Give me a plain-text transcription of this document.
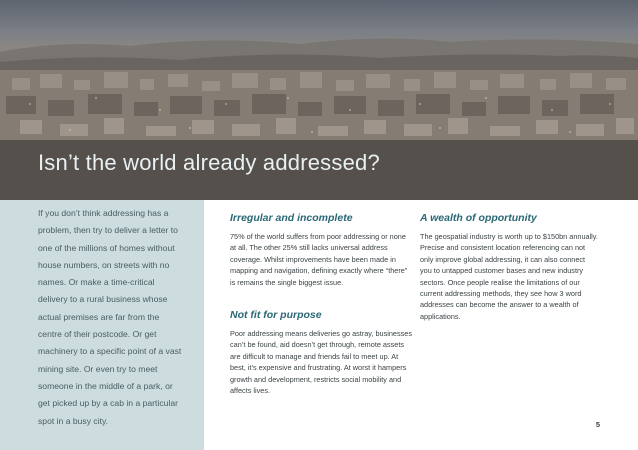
Isn’t the world already addressed?

If you don’t think addressing has a problem, then try to deliver a letter to one of the millions of homes without house numbers, on streets with no names. Or make a time-critical delivery to a rural business whose actual premises are far from the centre of their postcode. Or get machinery to a specific point of a vast mining site. Or even try to meet someone in the middle of a park, or get picked up by a cab in a particular spot in a busy city.

Irregular and incomplete

75% of the world suffers from poor addressing or none at all. The other 25% still lacks universal address coverage. Whilst improvements have been made in mapping and navigation, defining exactly where “there” is remains the single biggest issue.

Not fit for purpose

Poor addressing means deliveries go astray, businesses can’t be found, aid doesn’t get through, remote assets are difficult to manage and friends fail to meet up. At best, it’s expensive and frustrating. At worst it hampers growth and development, restricts social mobility and affects lives.

A wealth of opportunity

The geospatial industry is worth up to $150bn annually. Precise and consistent location referencing can not only improve global addressing, it can also connect you to untapped customer bases and new industry sectors. Once people realise the limitations of our current addressing methods, they see how 3 word addresses can become the answer to a wealth of applications.

5
